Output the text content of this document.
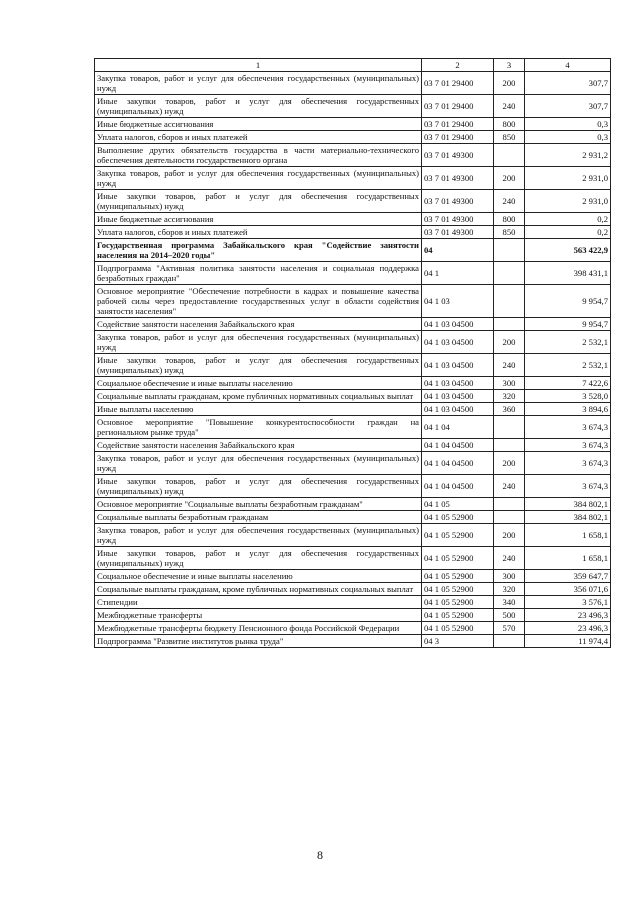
1	2	3	4
Закупка товаров, работ и услуг для обеспечения государственных (муниципальных) нужд	03 7 01 29400	200	307,7
Иные закупки товаров, работ и услуг для обеспечения государственных (муниципальных) нужд	03 7 01 29400	240	307,7
Иные бюджетные ассигнования	03 7 01 29400	800	0,3
Уплата налогов, сборов и иных платежей	03 7 01 29400	850	0,3
Выполнение других обязательств государства в части материально-технического обеспечения деятельности государственного органа	03 7 01 49300		2 931,2
Закупка товаров, работ и услуг для обеспечения государственных (муниципальных) нужд	03 7 01 49300	200	2 931,0
Иные закупки товаров, работ и услуг для обеспечения государственных (муниципальных) нужд	03 7 01 49300	240	2 931,0
Иные бюджетные ассигнования	03 7 01 49300	800	0,2
Уплата налогов, сборов и иных платежей	03 7 01 49300	850	0,2
Государственная программа Забайкальского края "Содействие занятости населения на 2014–2020 годы"	04		563 422,9
Подпрограмма "Активная политика занятости населения и социальная поддержка безработных граждан"	04 1		398 431,1
Основное мероприятие "Обеспечение потребности в кадрах и повышение качества рабочей силы через предоставление государственных услуг в области содействия занятости населения"	04 1 03		9 954,7
Содействие занятости населения Забайкальского края	04 1 03 04500		9 954,7
Закупка товаров, работ и услуг для обеспечения государственных (муниципальных) нужд	04 1 03 04500	200	2 532,1
Иные закупки товаров, работ и услуг для обеспечения государственных (муниципальных) нужд	04 1 03 04500	240	2 532,1
Социальное обеспечение и иные выплаты населению	04 1 03 04500	300	7 422,6
Социальные выплаты гражданам, кроме публичных нормативных социальных выплат	04 1 03 04500	320	3 528,0
Иные выплаты населению	04 1 03 04500	360	3 894,6
Основное мероприятие "Повышение конкурентоспособности граждан на региональном рынке труда"	04 1 04		3 674,3
Содействие занятости населения Забайкальского края	04 1 04 04500		3 674,3
Закупка товаров, работ и услуг для обеспечения государственных (муниципальных) нужд	04 1 04 04500	200	3 674,3
Иные закупки товаров, работ и услуг для обеспечения государственных (муниципальных) нужд	04 1 04 04500	240	3 674,3
Основное мероприятие "Социальные выплаты безработным гражданам"	04 1 05		384 802,1
Социальные выплаты безработным гражданам	04 1 05 52900		384 802,1
Закупка товаров, работ и услуг для обеспечения государственных (муниципальных) нужд	04 1 05 52900	200	1 658,1
Иные закупки товаров, работ и услуг для обеспечения государственных (муниципальных) нужд	04 1 05 52900	240	1 658,1
Социальное обеспечение и иные выплаты населению	04 1 05 52900	300	359 647,7
Социальные выплаты гражданам, кроме публичных нормативных социальных выплат	04 1 05 52900	320	356 071,6
Стипендии	04 1 05 52900	340	3 576,1
Межбюджетные трансферты	04 1 05 52900	500	23 496,3
Межбюджетные трансферты бюджету Пенсионного фонда Российской Федерации	04 1 05 52900	570	23 496,3
Подпрограмма "Развитие институтов рынка труда"	04 3		11 974,4
8
